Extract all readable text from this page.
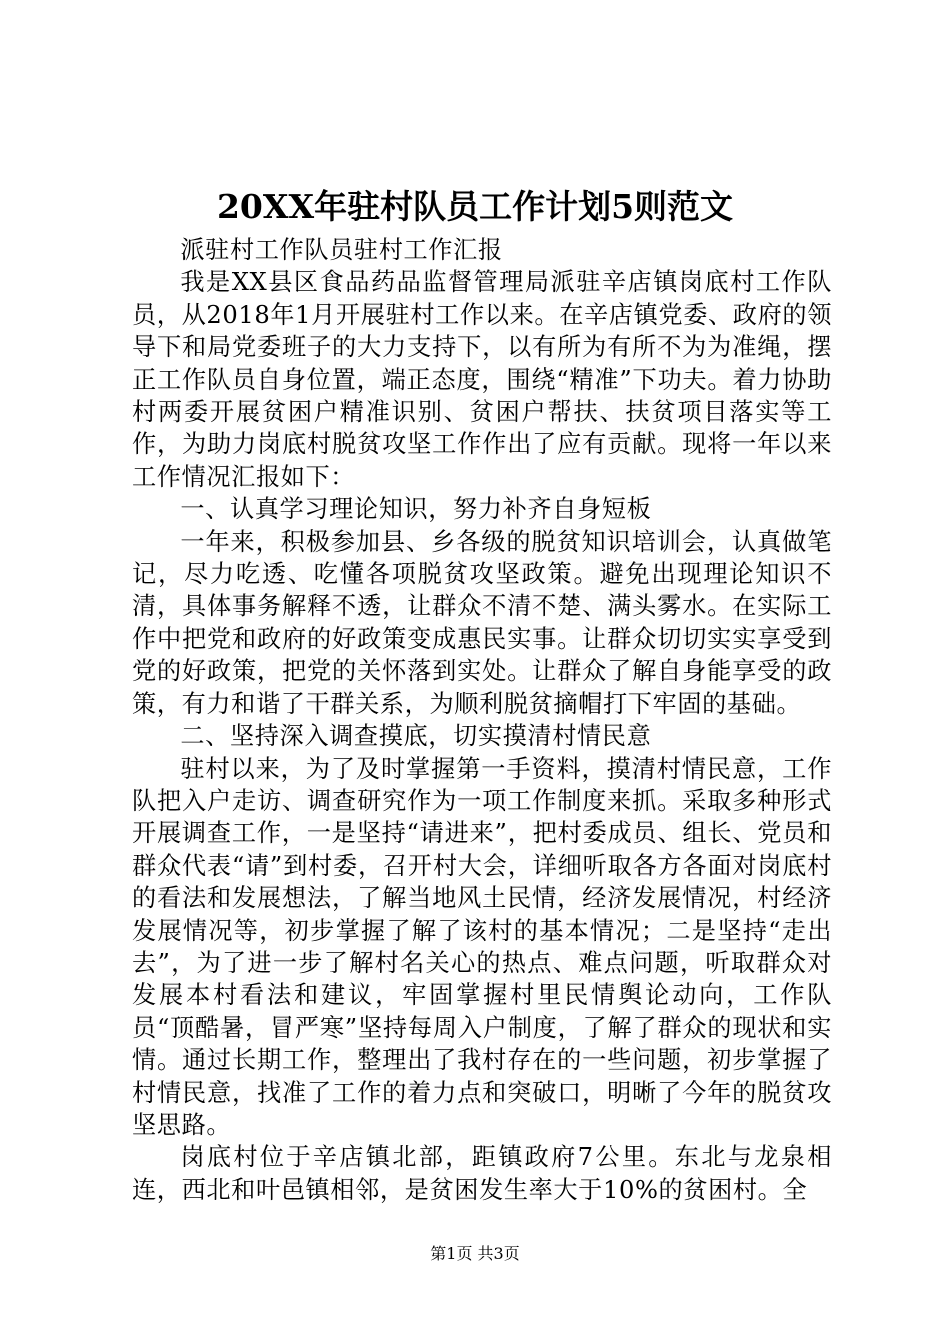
20XX年驻村队员工作计划5则范文

派驻村工作队员驻村工作汇报

我是XX县区食品药品监督管理局派驻辛店镇岗底村工作队员，从2018年1月开展驻村工作以来。在辛店镇党委、政府的领导下和局党委班子的大力支持下，以有所为有所不为为准绳，摆正工作队员自身位置，端正态度，围绕“精准”下功夫。着力协助村两委开展贫困户精准识别、贫困户帮扶、扶贫项目落实等工作，为助力岗底村脱贫攻坚工作作出了应有贡献。现将一年以来工作情况汇报如下：

一、认真学习理论知识，努力补齐自身短板

一年来，积极参加县、乡各级的脱贫知识培训会，认真做笔记，尽力吃透、吃懂各项脱贫攻坚政策。避免出现理论知识不清，具体事务解释不透，让群众不清不楚、满头雾水。在实际工作中把党和政府的好政策变成惠民实事。让群众切切实实享受到党的好政策，把党的关怀落到实处。让群众了解自身能享受的政策，有力和谐了干群关系，为顺利脱贫摘帽打下牢固的基础。

二、坚持深入调查摸底，切实摸清村情民意

驻村以来，为了及时掌握第一手资料，摸清村情民意，工作队把入户走访、调查研究作为一项工作制度来抓。采取多种形式开展调查工作，一是坚持“请进来”，把村委成员、组长、党员和群众代表“请”到村委，召开村大会，详细听取各方各面对岗底村的看法和发展想法，了解当地风土民情，经济发展情况，村经济发展情况等，初步掌握了解了该村的基本情况；二是坚持“走出去”，为了进一步了解村名关心的热点、难点问题，听取群众对发展本村看法和建议，牢固掌握村里民情舆论动向，工作队员“顶酷暑，冒严寒”坚持每周入户制度，了解了群众的现状和实情。通过长期工作，整理出了我村存在的一些问题，初步掌握了村情民意，找准了工作的着力点和突破口，明晰了今年的脱贫攻坚思路。

岗底村位于辛店镇北部，距镇政府7公里。东北与龙泉相连，西北和叶邑镇相邻，是贫困发生率大于10%的贫困村。全

第1页 共3页
